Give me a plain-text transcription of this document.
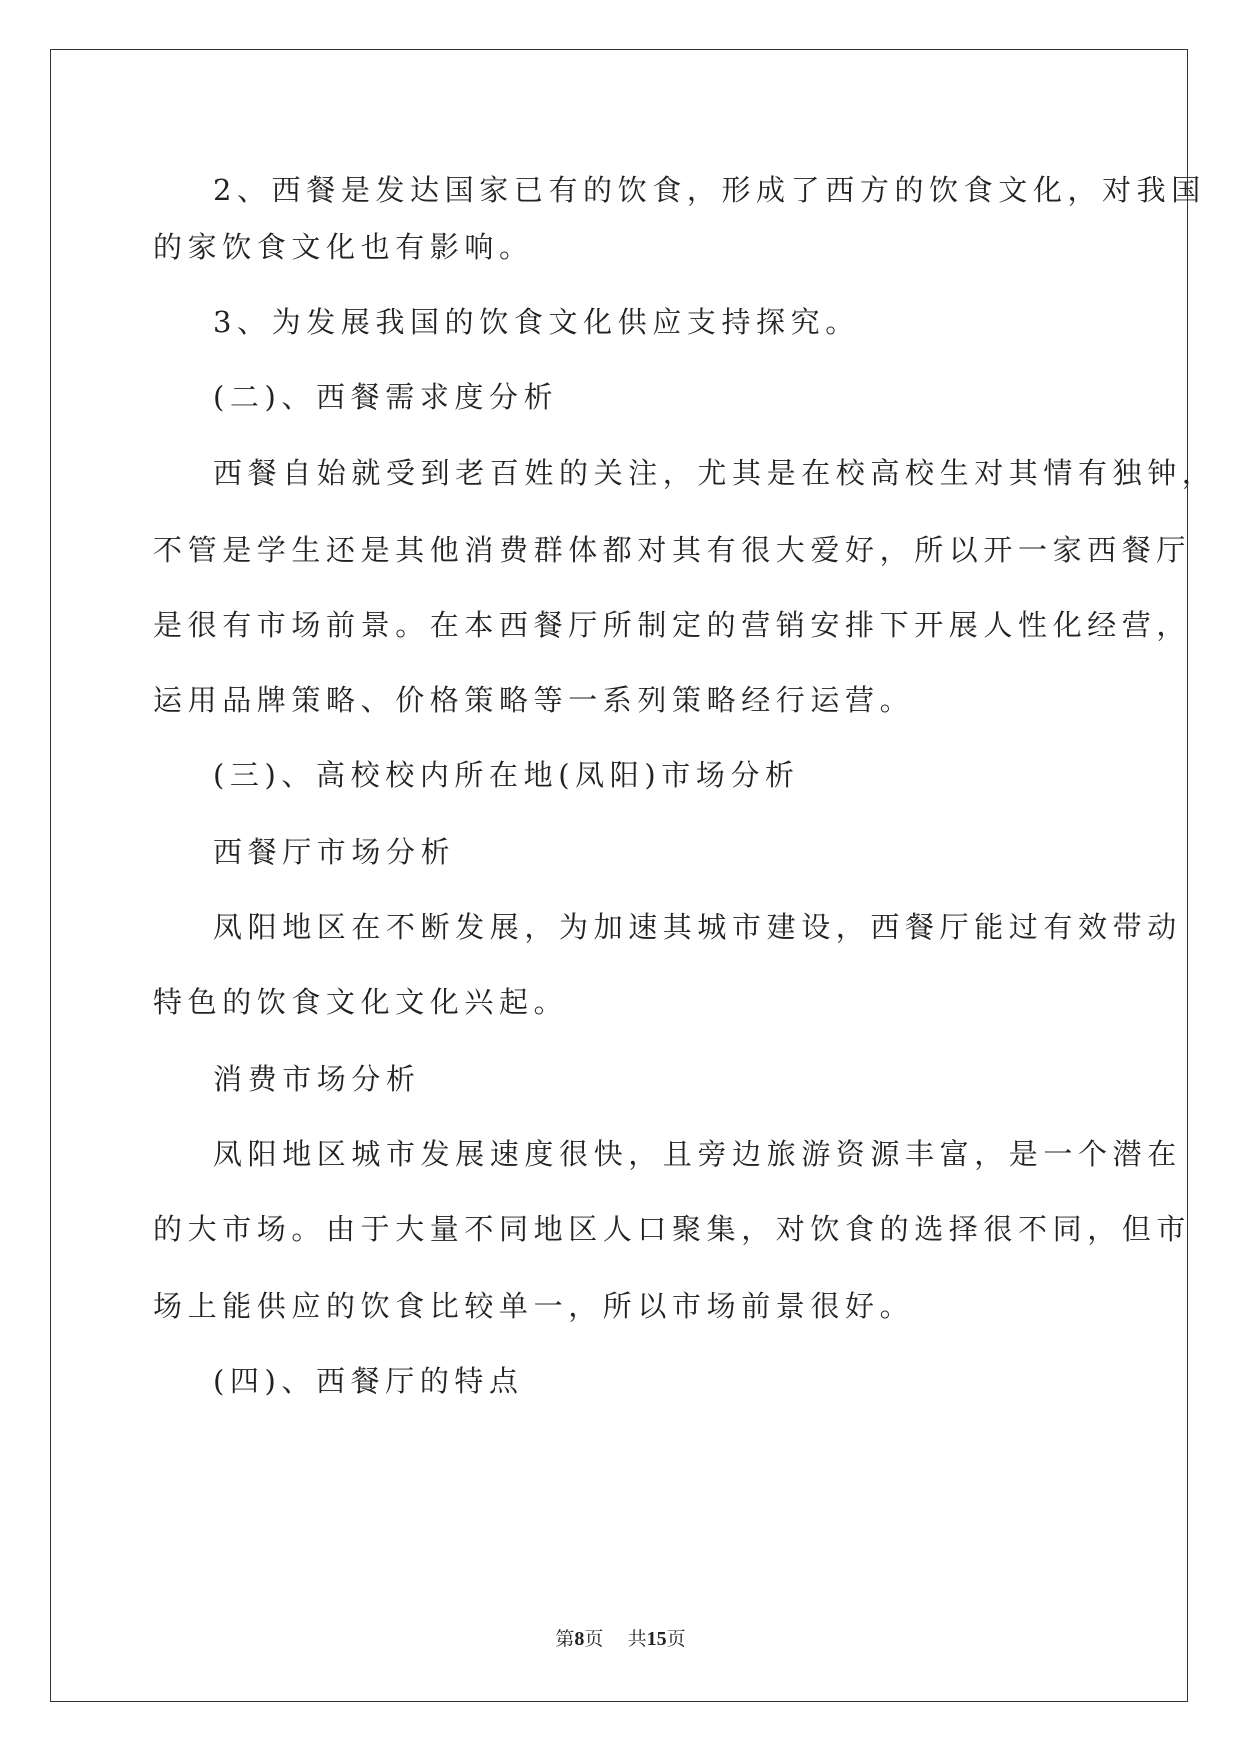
2、西餐是发达国家已有的饮食，形成了西方的饮食文化，对我国
的家饮食文化也有影响。
3、为发展我国的饮食文化供应支持探究。
(二)、西餐需求度分析
西餐自始就受到老百姓的关注，尤其是在校高校生对其情有独钟，
不管是学生还是其他消费群体都对其有很大爱好，所以开一家西餐厅
是很有市场前景。在本西餐厅所制定的营销安排下开展人性化经营，
运用品牌策略、价格策略等一系列策略经行运营。
(三)、高校校内所在地(凤阳)市场分析
西餐厅市场分析
凤阳地区在不断发展，为加速其城市建设，西餐厅能过有效带动
特色的饮食文化文化兴起。
消费市场分析
凤阳地区城市发展速度很快，且旁边旅游资源丰富，是一个潜在
的大市场。由于大量不同地区人口聚集，对饮食的选择很不同，但市
场上能供应的饮食比较单一，所以市场前景很好。
(四)、西餐厅的特点
第8页 共15页
